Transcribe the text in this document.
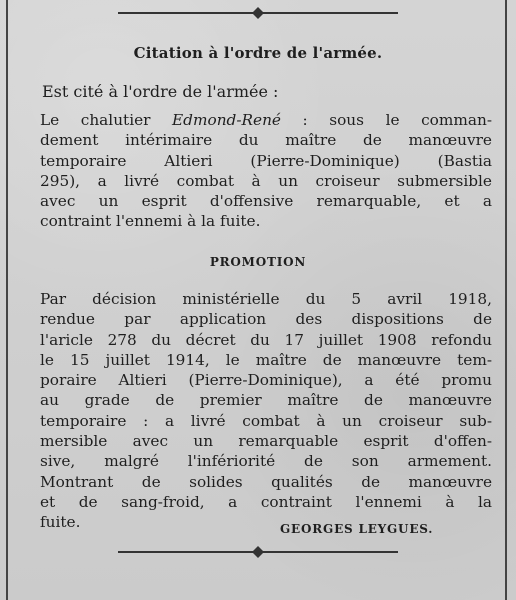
Citation à l'ordre de l'armée.
Est cité à l'ordre de l'armée :
Le chalutier Edmond-René : sous le comman-
dement intérimaire du maître de manœuvre
temporaire Altieri (Pierre-Dominique) (Bastia
295), a livré combat à un croiseur submersible
avec un esprit d'offensive remarquable, et a
contraint l'ennemi à la fuite.
PROMOTION
Par décision ministérielle du 5 avril 1918,
rendue par application des dispositions de
l'aricle 278 du décret du 17 juillet 1908 refondu
le 15 juillet 1914, le maître de manœuvre tem-
poraire Altieri (Pierre-Dominique), a été promu
au grade de premier maître de manœuvre
temporaire : a livré combat à un croiseur sub-
mersible avec un remarquable esprit d'offen-
sive, malgré l'infériorité de son armement.
Montrant de solides qualités de manœuvre
et de sang-froid, a contraint l'ennemi à la
fuite.	GEORGES LEYGUES.
